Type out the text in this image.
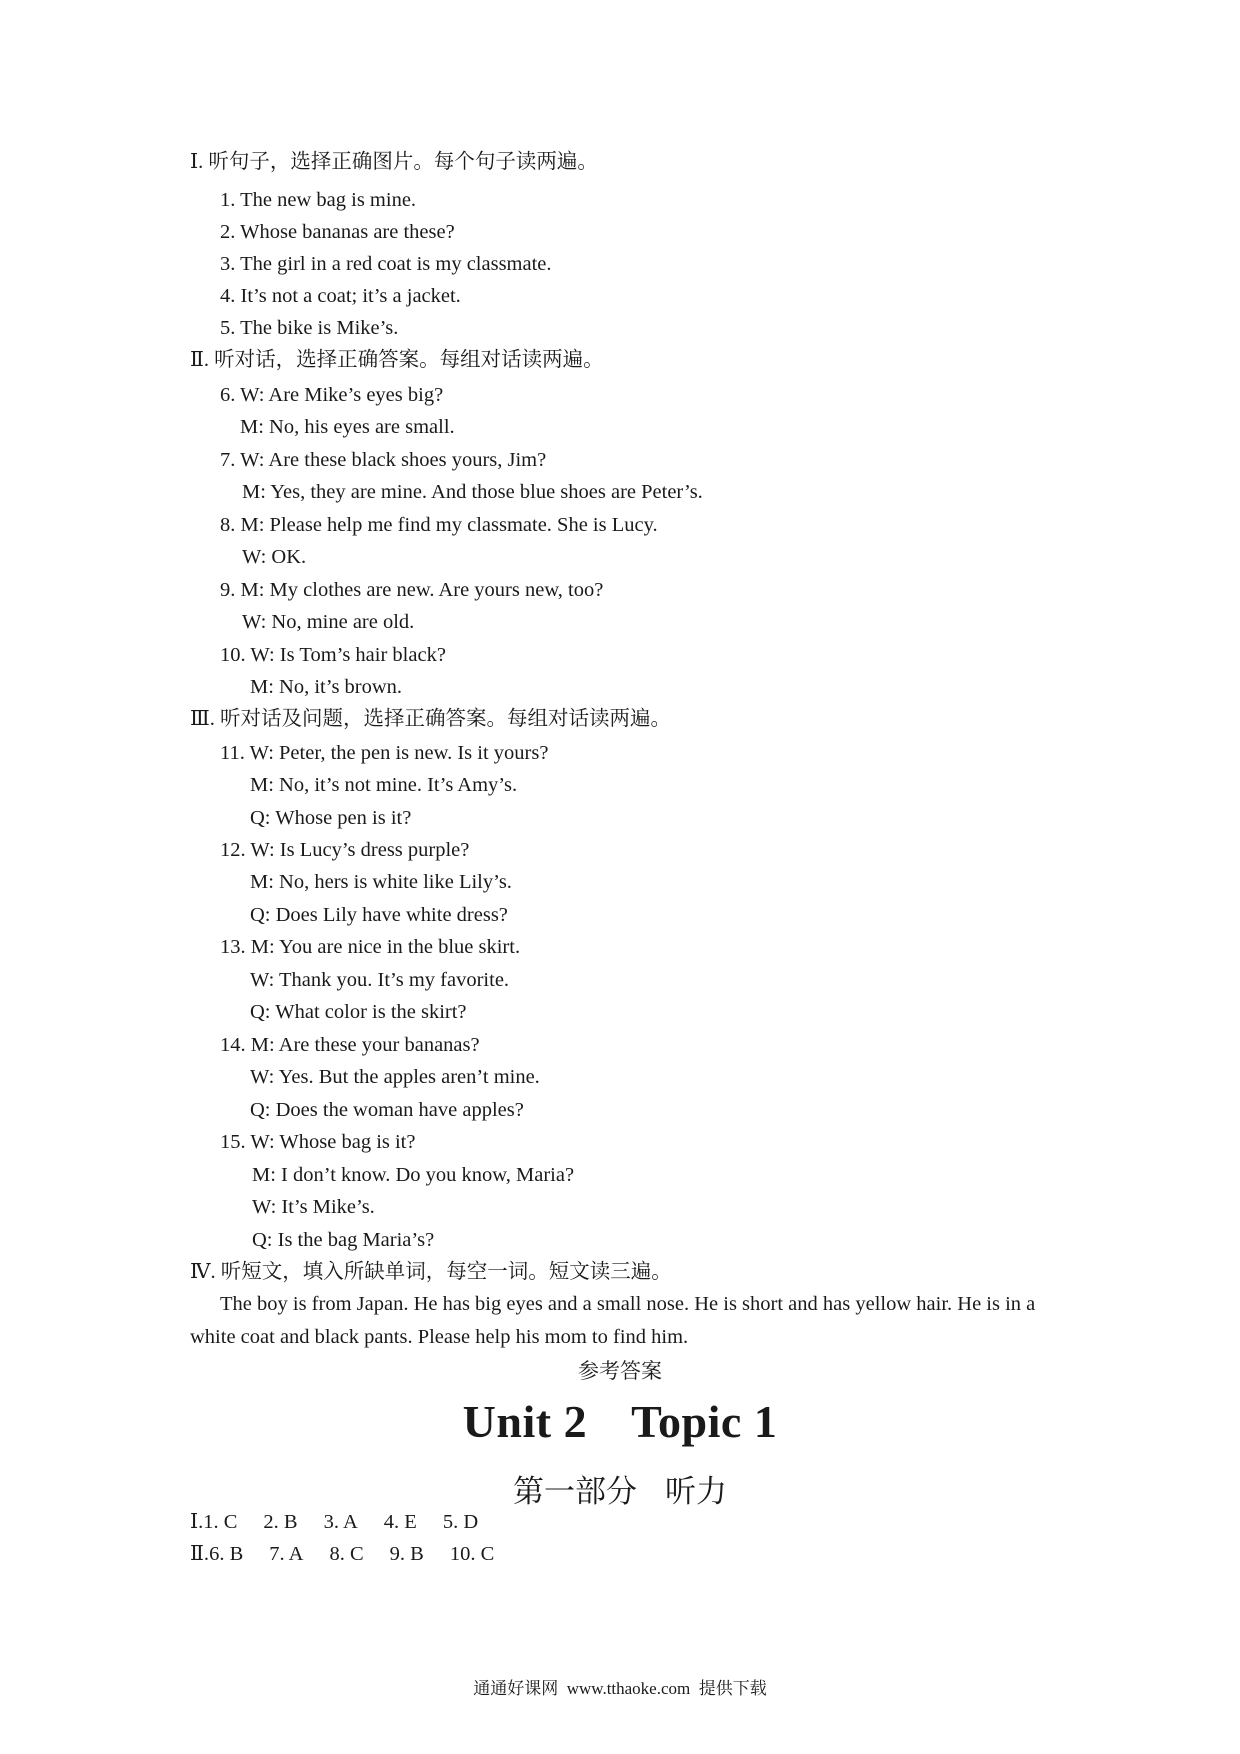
Ⅰ. 听句子，选择正确图片。每个句子读两遍。
1. The new bag is mine.
2. Whose bananas are these?
3. The girl in a red coat is my classmate.
4. It’s not a coat; it’s a jacket.
5. The bike is Mike’s.
Ⅱ. 听对话，选择正确答案。每组对话读两遍。
6. W: Are Mike’s eyes big?
M: No, his eyes are small.
7. W: Are these black shoes yours, Jim?
M: Yes, they are mine. And those blue shoes are Peter’s.
8. M: Please help me find my classmate. She is Lucy.
W: OK.
9. M: My clothes are new. Are yours new, too?
W: No, mine are old.
10. W: Is Tom’s hair black?
M: No, it’s brown.
Ⅲ. 听对话及问题，选择正确答案。每组对话读两遍。
11. W: Peter, the pen is new. Is it yours?
M: No, it’s not mine. It’s Amy’s.
Q: Whose pen is it?
12. W: Is Lucy’s dress purple?
M: No, hers is white like Lily’s.
Q: Does Lily have white dress?
13. M: You are nice in the blue skirt.
W: Thank you. It’s my favorite.
Q: What color is the skirt?
14. M: Are these your bananas?
W: Yes. But the apples aren’t mine.
Q: Does the woman have apples?
15. W: Whose bag is it?
M: I don’t know. Do you know, Maria?
W: It’s Mike’s.
Q: Is the bag Maria’s?
Ⅳ. 听短文，填入所缺单词，每空一词。短文读三遍。
The boy is from Japan. He has big eyes and a small nose. He is short and has yellow hair. He is in a white coat and black pants. Please help his mom to find him.
参考答案
Unit 2 Topic 1
第一部分 听力
Ⅰ.1. C 2. B 3. A 4. E 5. D
Ⅱ.6. B 7. A 8. C 9. B 10. C
通通好课网 www.tthaoke.com 提供下载
